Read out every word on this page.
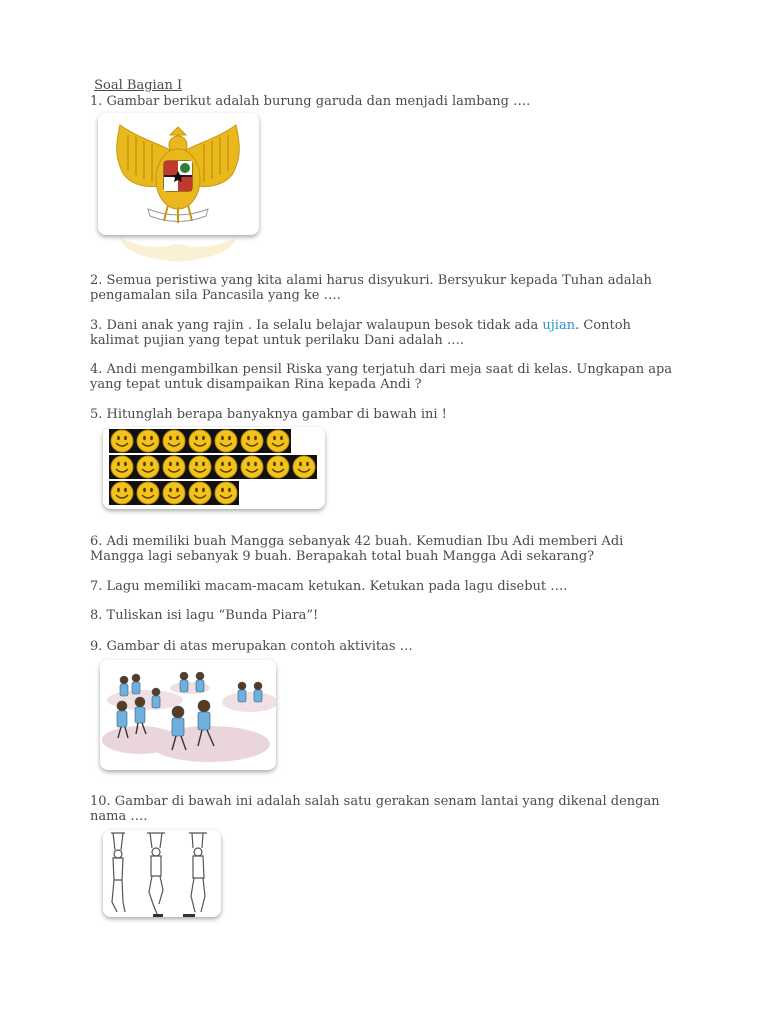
Soal Bagian I
1. Gambar berikut adalah burung garuda dan menjadi lambang ….
2. Semua peristiwa yang kita alami harus disyukuri. Bersyukur kepada Tuhan adalah
pengamalan sila Pancasila yang ke ….
3. Dani anak yang rajin . Ia selalu belajar walaupun besok tidak ada ujian. Contoh
kalimat pujian yang tepat untuk perilaku Dani adalah ….
4. Andi mengambilkan pensil Riska yang terjatuh dari meja saat di kelas. Ungkapan apa
yang tepat untuk disampaikan Rina kepada Andi ?
5. Hitunglah berapa banyaknya gambar di bawah ini !
6. Adi memiliki buah Mangga sebanyak 42 buah. Kemudian Ibu Adi memberi Adi
Mangga lagi sebanyak 9 buah. Berapakah total buah Mangga Adi sekarang?
7. Lagu memiliki macam-macam ketukan. Ketukan pada lagu disebut ….
8. Tuliskan isi lagu “Bunda Piara”!
9. Gambar di atas merupakan contoh aktivitas …
10. Gambar di bawah ini adalah salah satu gerakan senam lantai yang dikenal dengan
nama ….
